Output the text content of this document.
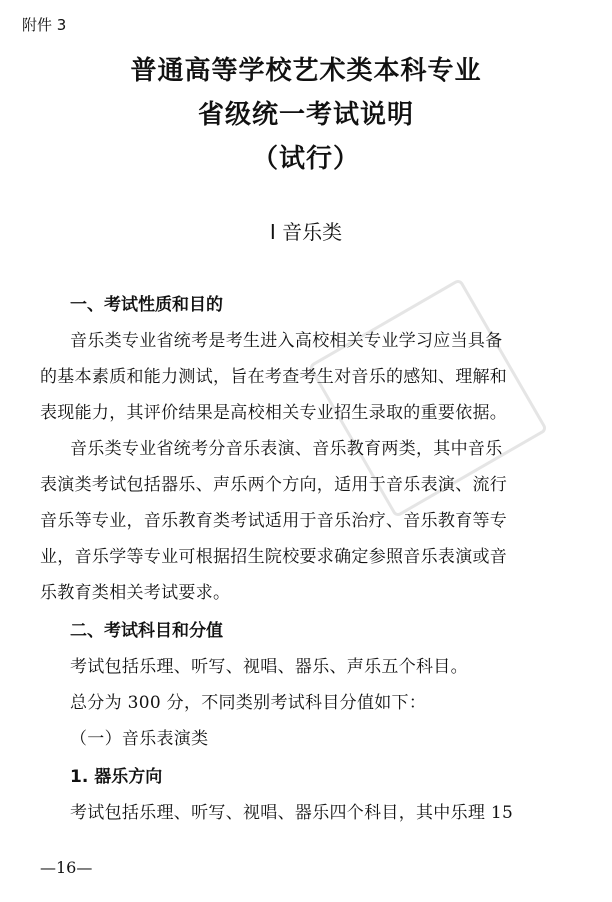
附件 3
普通高等学校艺术类本科专业
省级统一考试说明
（试行）
Ⅰ 音乐类
一、考试性质和目的
音乐类专业省统考是考生进入高校相关专业学习应当具备
的基本素质和能力测试，旨在考查考生对音乐的感知、理解和
表现能力，其评价结果是高校相关专业招生录取的重要依据。
音乐类专业省统考分音乐表演、音乐教育两类，其中音乐
表演类考试包括器乐、声乐两个方向，适用于音乐表演、流行
音乐等专业，音乐教育类考试适用于音乐治疗、音乐教育等专
业，音乐学等专业可根据招生院校要求确定参照音乐表演或音
乐教育类相关考试要求。
二、考试科目和分值
考试包括乐理、听写、视唱、器乐、声乐五个科目。
总分为 300 分，不同类别考试科目分值如下：
（一）音乐表演类
1. 器乐方向
考试包括乐理、听写、视唱、器乐四个科目，其中乐理 15
—16—
